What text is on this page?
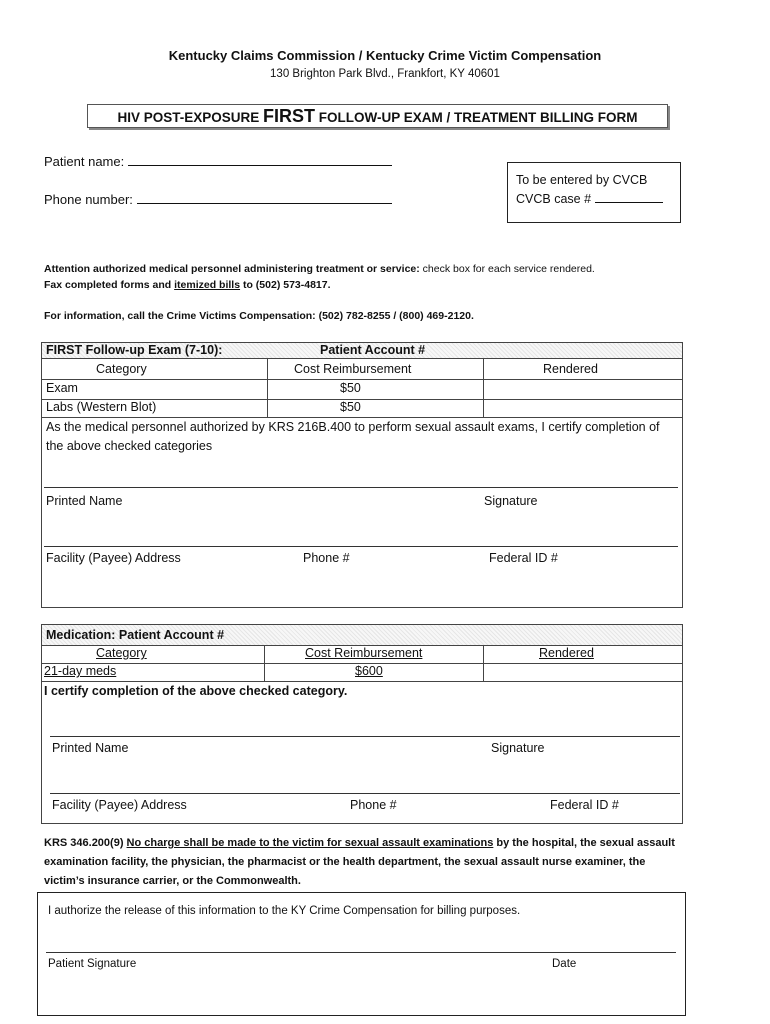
Kentucky Claims Commission / Kentucky Crime Victim Compensation
130 Brighton Park Blvd., Frankfort, KY 40601
HIV POST-EXPOSURE FIRST FOLLOW-UP EXAM / TREATMENT BILLING FORM
Patient name:
Phone number:
To be entered by CVCB
CVCB case #
Attention authorized medical personnel administering treatment or service: check box for each service rendered.
Fax completed forms and itemized bills to (502) 573-4817.
For information, call the Crime Victims Compensation: (502) 782-8255 / (800) 469-2120.
FIRST Follow-up Exam (7-10):	Patient Account #
Category	Cost Reimbursement	Rendered
Exam	$50
Labs (Western Blot)	$50
As the medical personnel authorized by KRS 216B.400 to perform sexual assault exams, I certify completion of the above checked categories
Printed Name	Signature
Facility (Payee) Address	Phone #	Federal ID #
Medication: Patient Account #
Category	Cost Reimbursement	Rendered
21-day meds	$600
I certify completion of the above checked category.
Printed Name	Signature
Facility (Payee) Address	Phone #	Federal ID #
KRS 346.200(9) No charge shall be made to the victim for sexual assault examinations by the hospital, the sexual assault examination facility, the physician, the pharmacist or the health department, the sexual assault nurse examiner, the victim’s insurance carrier, or the Commonwealth.
I authorize the release of this information to the KY Crime Compensation for billing purposes.
Patient Signature	Date
